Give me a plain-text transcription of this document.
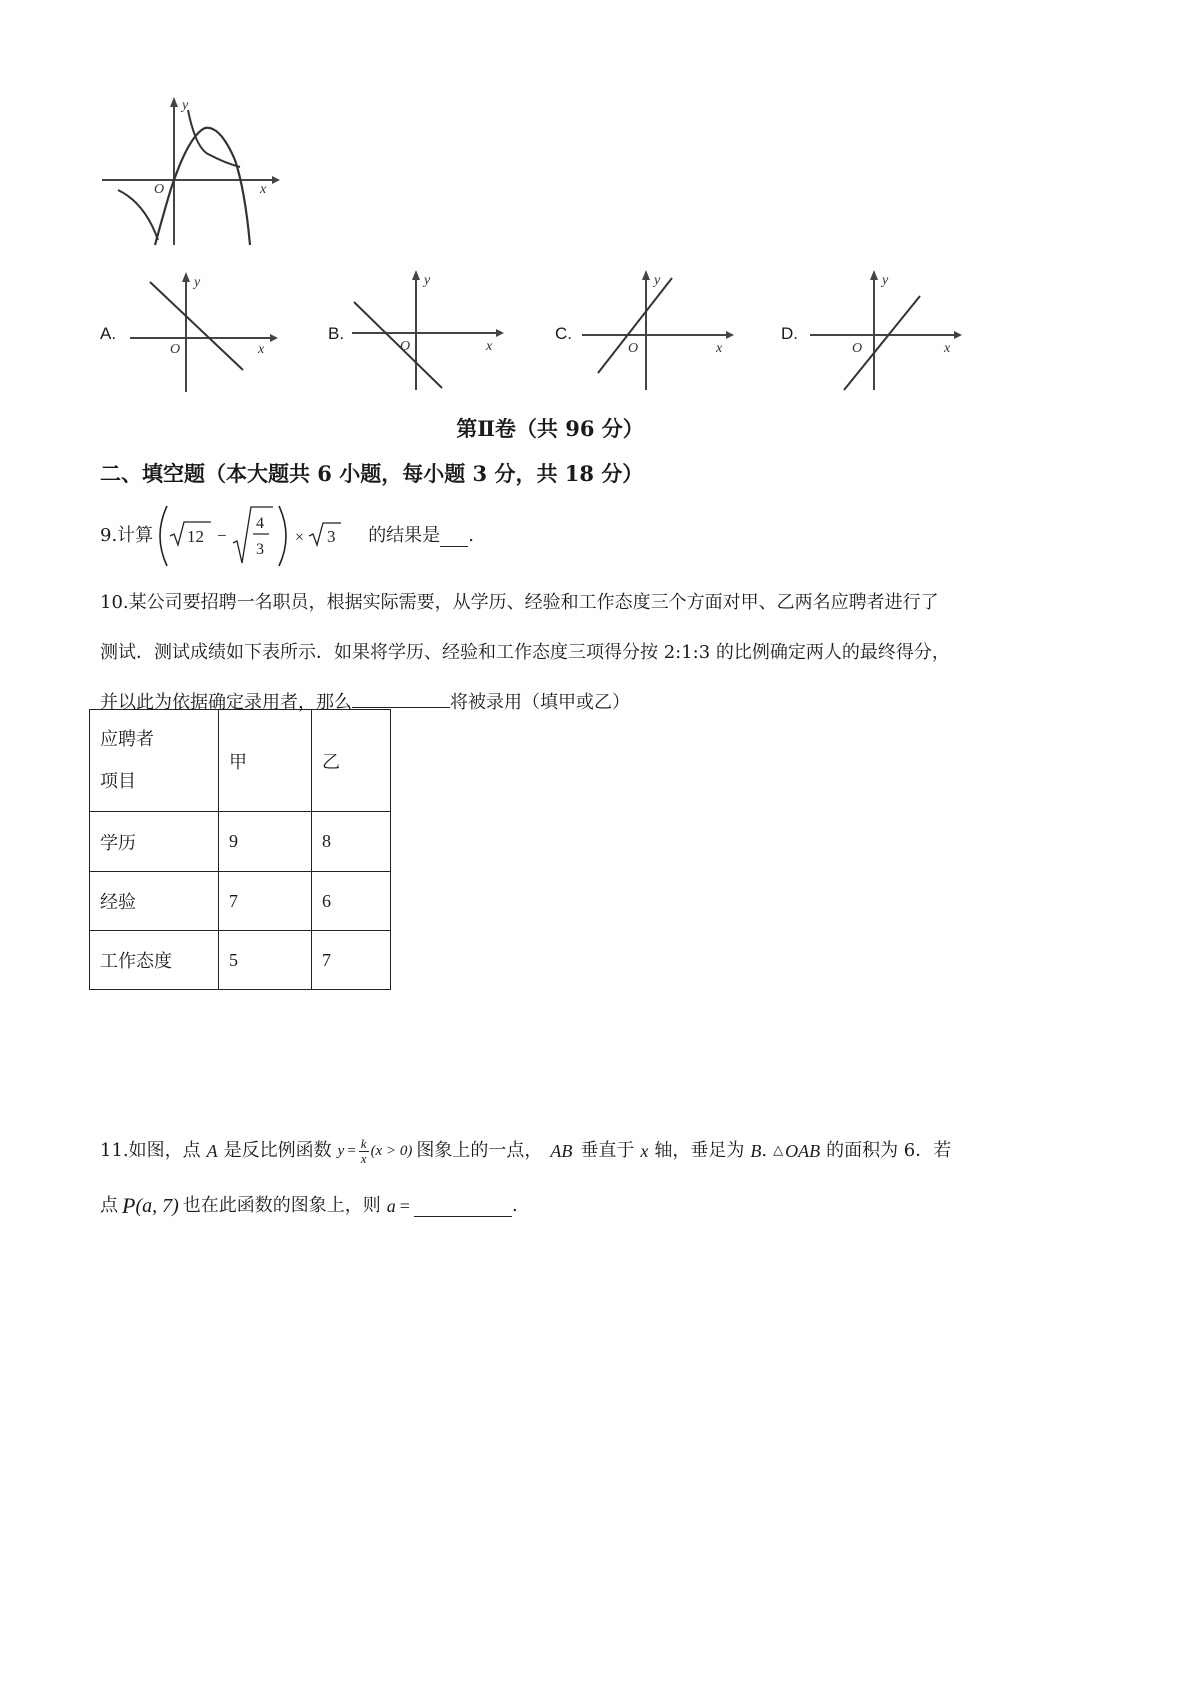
y
x
O
A.
y
x
O
B.
y
x
O
C.
y
x
O
D.
y
x
O
第Ⅱ卷（共 96 分）
二、填空题（本大题共 6 小题，每小题 3 分，共 18 分）
9.计算 12 −
4
3
× 3 的结果是 .
10.某公司要招聘一名职员，根据实际需要，从学历、经验和工作态度三个方面对甲、乙两名应聘者进行了
测试．测试成绩如下表所示．如果将学历、经验和工作态度三项得分按 2:1:3 的比例确定两人的最终得分，
并以此为依据确定录用者，那么	将被录用（填甲或乙）
应聘者
项目	甲	乙
学历	9	8
经验	7	6
工作态度	5	7
11.如图，点 A 是反比例函数 $y = \frac{k}{x} (x > 0)$ 图象上的一点， AB 垂直于 x 轴，垂足为 B . △ OAB 的面积为 6．若
点 P (a, 7) 也在此函数的图象上，则 a =	.
